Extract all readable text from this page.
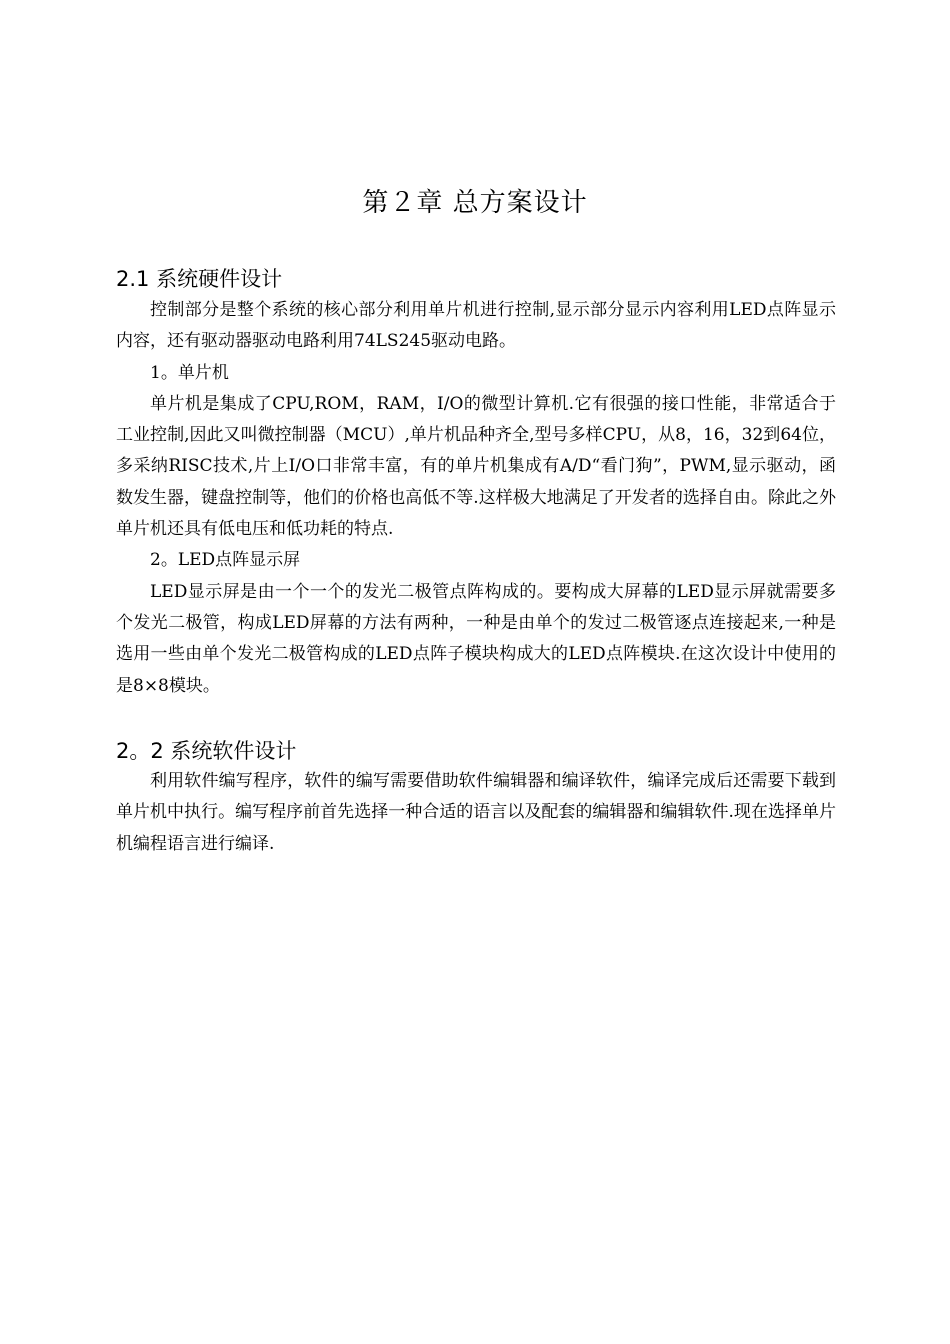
第２章 总方案设计
2.1 系统硬件设计

控制部分是整个系统的核心部分利用单片机进行控制,显示部分显示内容利用LED点阵显示内容，还有驱动器驱动电路利用74LS245驱动电路。

1。单片机

单片机是集成了CPU,ROM，RAM，I/O的微型计算机.它有很强的接口性能，非常适合于工业控制,因此又叫微控制器（MCU）,单片机品种齐全,型号多样CPU，从8，16，32到64位，多采纳RISC技术,片上I/O口非常丰富，有的单片机集成有A/D“看门狗”，PWM,显示驱动，函数发生器，键盘控制等，他们的价格也高低不等.这样极大地满足了开发者的选择自由。除此之外单片机还具有低电压和低功耗的特点.

2。LED点阵显示屏

LED显示屏是由一个一个的发光二极管点阵构成的。要构成大屏幕的LED显示屏就需要多个发光二极管，构成LED屏幕的方法有两种，一种是由单个的发过二极管逐点连接起来,一种是选用一些由单个发光二极管构成的LED点阵子模块构成大的LED点阵模块.在这次设计中使用的是8×8模块。

2。2 系统软件设计

利用软件编写程序，软件的编写需要借助软件编辑器和编译软件，编译完成后还需要下载到单片机中执行。编写程序前首先选择一种合适的语言以及配套的编辑器和编辑软件.现在选择单片机编程语言进行编译.
